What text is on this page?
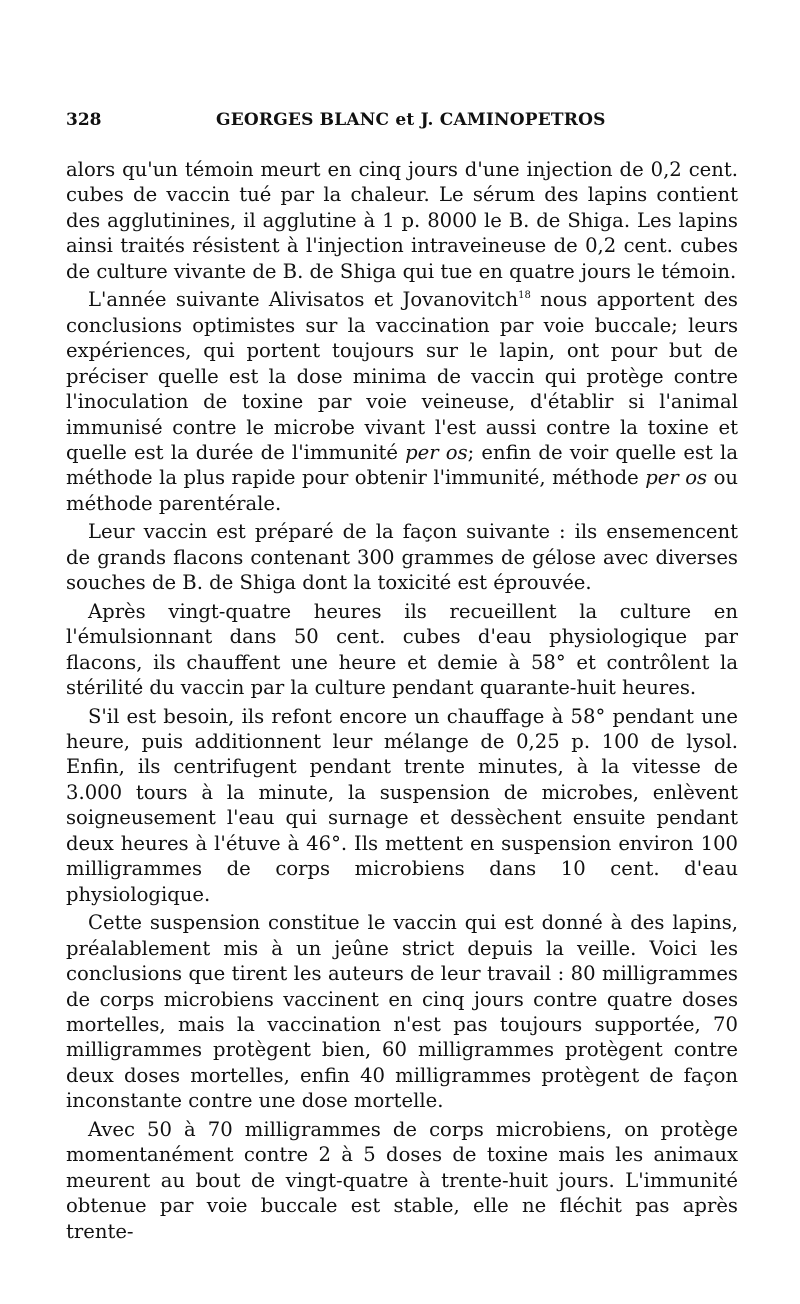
328	GEORGES BLANC et J. CAMINOPETROS

alors qu'un témoin meurt en cinq jours d'une injection de 0,2 cent. cubes de vaccin tué par la chaleur. Le sérum des lapins contient des agglutinines, il agglutine à 1 p. 8000 le B. de Shiga. Les lapins ainsi traités résistent à l'injection intraveineuse de 0,2 cent. cubes de culture vivante de B. de Shiga qui tue en quatre jours le témoin.

L'année suivante Alivisatos et Jovanovitch$^{18}$ nous apportent des conclusions optimistes sur la vaccination par voie buccale; leurs expériences, qui portent toujours sur le lapin, ont pour but de préciser quelle est la dose minima de vaccin qui protège contre l'inoculation de toxine par voie veineuse, d'établir si l'animal immunisé contre le microbe vivant l'est aussi contre la toxine et quelle est la durée de l'immunité per os; enfin de voir quelle est la méthode la plus rapide pour obtenir l'immunité, méthode per os ou méthode parentérale.

Leur vaccin est préparé de la façon suivante : ils ensemencent de grands flacons contenant 300 grammes de gélose avec diverses souches de B. de Shiga dont la toxicité est éprouvée.

Après vingt-quatre heures ils recueillent la culture en l'émulsionnant dans 50 cent. cubes d'eau physiologique par flacons, ils chauffent une heure et demie à 58° et contrôlent la stérilité du vaccin par la culture pendant quarante-huit heures.

S'il est besoin, ils refont encore un chauffage à 58° pendant une heure, puis additionnent leur mélange de 0,25 p. 100 de lysol. Enfin, ils centrifugent pendant trente minutes, à la vitesse de 3.000 tours à la minute, la suspension de microbes, enlèvent soigneusement l'eau qui surnage et dessèchent ensuite pendant deux heures à l'étuve à 46°. Ils mettent en suspension environ 100 milligrammes de corps microbiens dans 10 cent. d'eau physiologique.

Cette suspension constitue le vaccin qui est donné à des lapins, préalablement mis à un jeûne strict depuis la veille. Voici les conclusions que tirent les auteurs de leur travail : 80 milligrammes de corps microbiens vaccinent en cinq jours contre quatre doses mortelles, mais la vaccination n'est pas toujours supportée, 70 milligrammes protègent bien, 60 milligrammes protègent contre deux doses mortelles, enfin 40 milligrammes protègent de façon inconstante contre une dose mortelle.

Avec 50 à 70 milligrammes de corps microbiens, on protège momentanément contre 2 à 5 doses de toxine mais les animaux meurent au bout de vingt-quatre à trente-huit jours. L'immunité obtenue par voie buccale est stable, elle ne fléchit pas après trente-
